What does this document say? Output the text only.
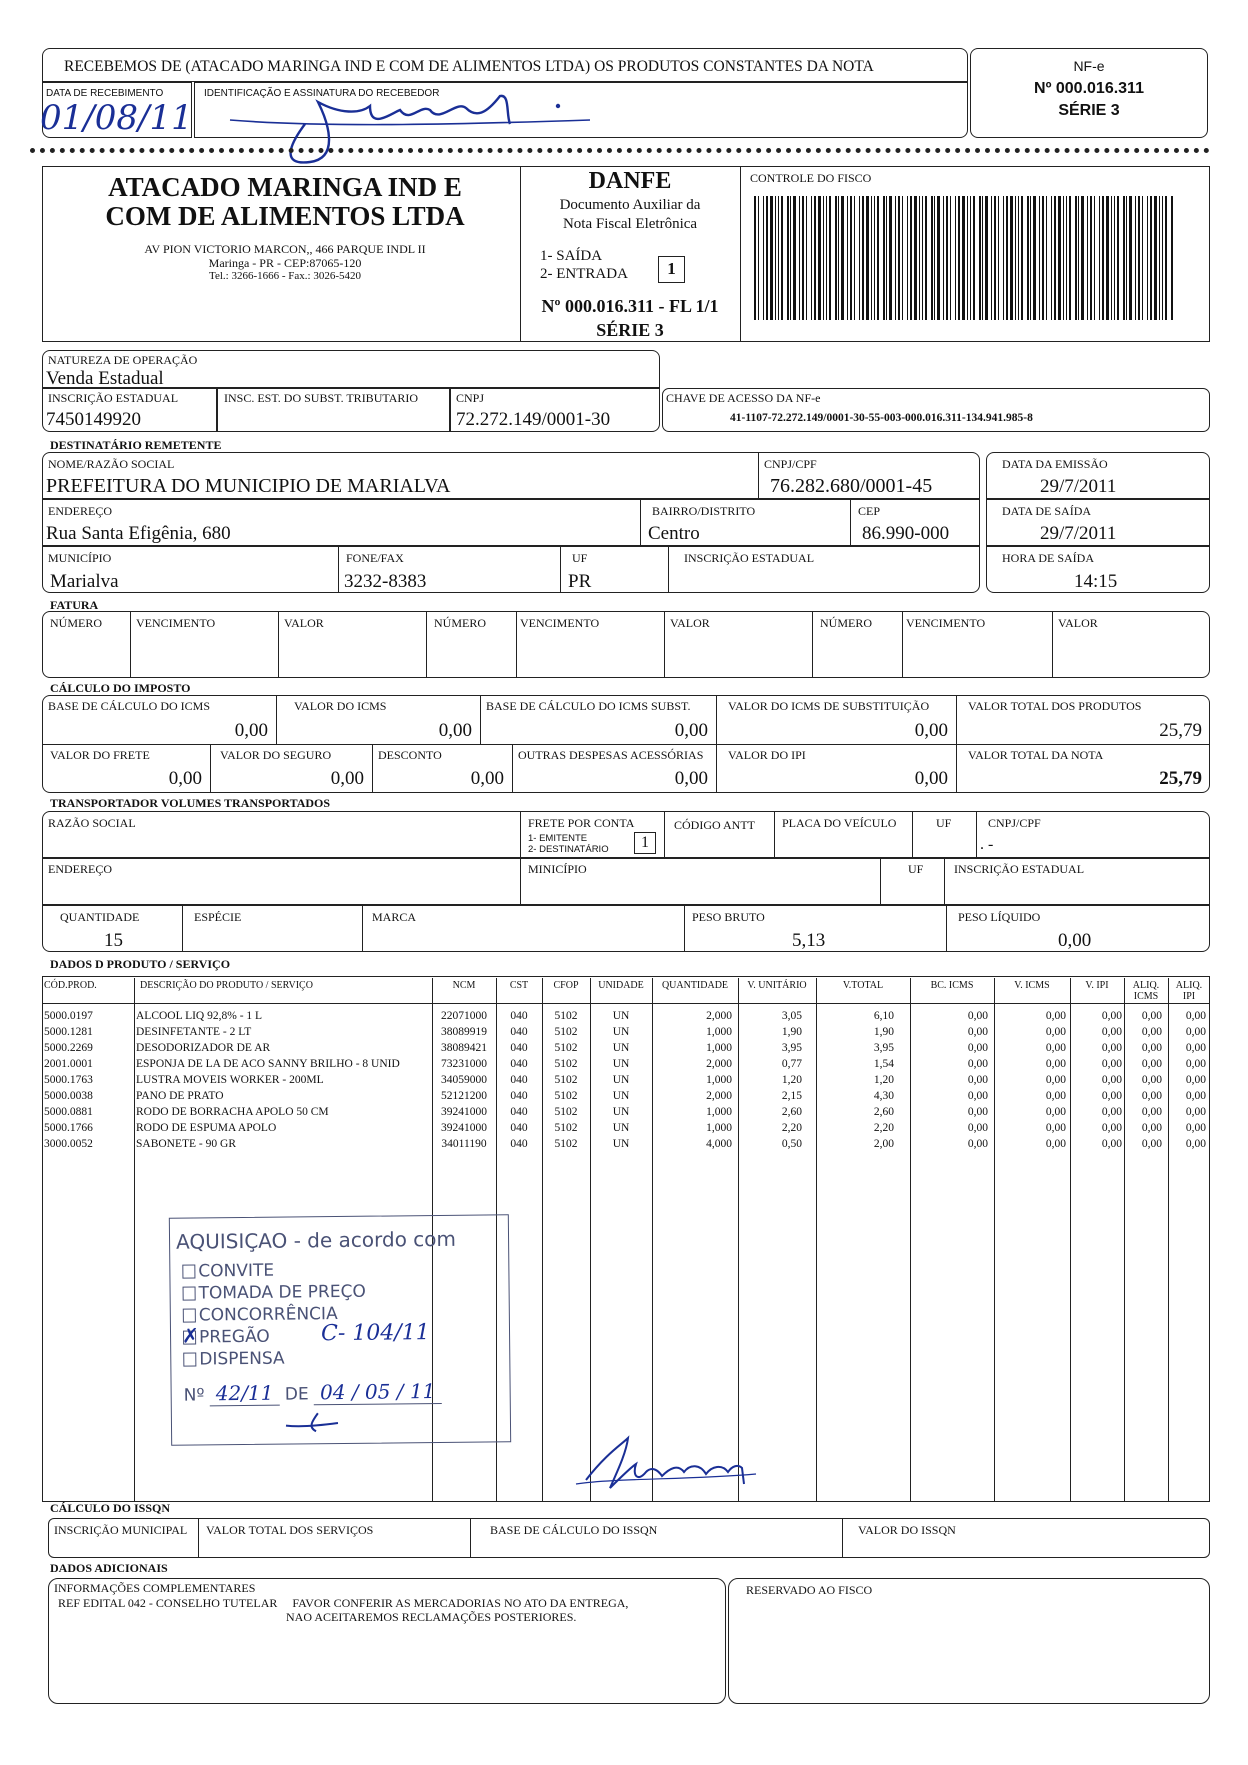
RECEBEMOS DE (ATACADO MARINGA IND E COM DE ALIMENTOS LTDA) OS PRODUTOS CONSTANTES DA NOTA
DATA DE RECEBIMENTO
01/08/11
IDENTIFICAÇÃO E ASSINATURA DO RECEBEDOR
NF-e
Nº 000.016.311
SÉRIE 3
ATACADO MARINGA IND E
COM DE ALIMENTOS LTDA
AV PION VICTORIO MARCON,, 466 PARQUE INDL II
Maringa - PR - CEP:87065-120
Tel.: 3266-1666 - Fax.: 3026-5420
DANFE
Documento Auxiliar da
Nota Fiscal Eletrônica
1- SAÍDA
2- ENTRADA	1
Nº 000.016.311 - FL 1/1
SÉRIE 3
CONTROLE DO FISCO
NATUREZA DE OPERAÇÃO
Venda Estadual
INSCRIÇÃO ESTADUAL
7450149920
INSC. EST. DO SUBST. TRIBUTARIO	CNPJ
72.272.149/0001-30
CHAVE DE ACESSO DA NF-e
41-1107-72.272.149/0001-30-55-003-000.016.311-134.941.985-8
DESTINATÁRIO REMETENTE
NOME/RAZÃO SOCIAL
PREFEITURA DO MUNICIPIO DE MARIALVA
CNPJ/CPF
76.282.680/0001-45
DATA DA EMISSÃO
29/7/2011
ENDEREÇO
Rua Santa Efigênia, 680
BAIRRO/DISTRITO
Centro
CEP
86.990-000
DATA DE SAÍDA
29/7/2011
MUNICÍPIO
Marialva
FONE/FAX
3232-8383
UF
PR
INSCRIÇÃO ESTADUAL	HORA DE SAÍDA
14:15
FATURA
NÚMERO	VENCIMENTO	VALOR	NÚMERO	VENCIMENTO	VALOR	NÚMERO	VENCIMENTO	VALOR
CÁLCULO DO IMPOSTO
BASE DE CÁLCULO DO ICMS
0,00
VALOR DO ICMS
0,00
BASE DE CÁLCULO DO ICMS SUBST.
0,00
VALOR DO ICMS DE SUBSTITUIÇÃO
0,00
VALOR TOTAL DOS PRODUTOS
25,79
VALOR DO FRETE
0,00
VALOR DO SEGURO
0,00
DESCONTO
0,00
OUTRAS DESPESAS ACESSÓRIAS
0,00
VALOR DO IPI
0,00
VALOR TOTAL DA NOTA
25,79
TRANSPORTADOR VOLUMES TRANSPORTADOS
RAZÃO SOCIAL	FRETE POR CONTA
1- EMITENTE
2- DESTINATÁRIO	1
CÓDIGO ANTT PLACA DO VEÍCULO	UF	CNPJ/CPF
. -
ENDEREÇO	MINICÍPIO	UF	INSCRIÇÃO ESTADUAL
QUANTIDADE
15
ESPÉCIE	MARCA	PESO BRUTO
5,13
PESO LÍQUIDO
0,00
DADOS D PRODUTO / SERVIÇO
CÓD.PROD.	DESCRIÇÃO DO PRODUTO / SERVIÇO	NCM	CST	CFOP	UNIDADE	QUANTIDADE	V. UNITÁRIO	V.TOTAL	BC. ICMS	V. ICMS	V. IPI	ALIQ.
ICMS
ALIQ.
IPI
5000.0197	ALCOOL LIQ 92,8% - 1 L	22071000	040	5102	UN	2,000	3,05	6,10	0,00	0,00	0,00	0,00	0,00
5000.1281	DESINFETANTE - 2 LT	38089919	040	5102	UN	1,000	1,90	1,90	0,00	0,00	0,00	0,00	0,00
5000.2269	DESODORIZADOR DE AR	38089421	040	5102	UN	1,000	3,95	3,95	0,00	0,00	0,00	0,00	0,00
2001.0001	ESPONJA DE LA DE ACO SANNY BRILHO - 8 UNID	73231000	040	5102	UN	2,000	0,77	1,54	0,00	0,00	0,00	0,00	0,00
5000.1763	LUSTRA MOVEIS WORKER - 200ML	34059000	040	5102	UN	1,000	1,20	1,20	0,00	0,00	0,00	0,00	0,00
5000.0038	PANO DE PRATO	52121200	040	5102	UN	2,000	2,15	4,30	0,00	0,00	0,00	0,00	0,00
5000.0881	RODO DE BORRACHA APOLO 50 CM	39241000	040	5102	UN	1,000	2,60	2,60	0,00	0,00	0,00	0,00	0,00
5000.1766	RODO DE ESPUMA APOLO	39241000	040	5102	UN	1,000	2,20	2,20	0,00	0,00	0,00	0,00	0,00
3000.0052	SABONETE - 90 GR	34011190	040	5102	UN	4,000	0,50	2,00	0,00	0,00	0,00	0,00	0,00
AQUISIÇAO - de acordo com
CONVITE
TOMADA DE PREÇO
CONCORRÊNCIA
✗ PREGÃO C- 104/11
DISPENSA
Nº 42/11 DE 04 / 05 / 11
CÁLCULO DO ISSQN
INSCRIÇÃO MUNICIPAL VALOR TOTAL DOS SERVIÇOS	BASE DE CÁLCULO DO ISSQN	VALOR DO ISSQN
DADOS ADICIONAIS
INFORMAÇÕES COMPLEMENTARES
REF EDITAL 042 - CONSELHO TUTELAR     FAVOR CONFERIR AS MERCADORIAS NO ATO DA ENTREGA,
NAO ACEITAREMOS RECLAMAÇÕES POSTERIORES.
RESERVADO AO FISCO
